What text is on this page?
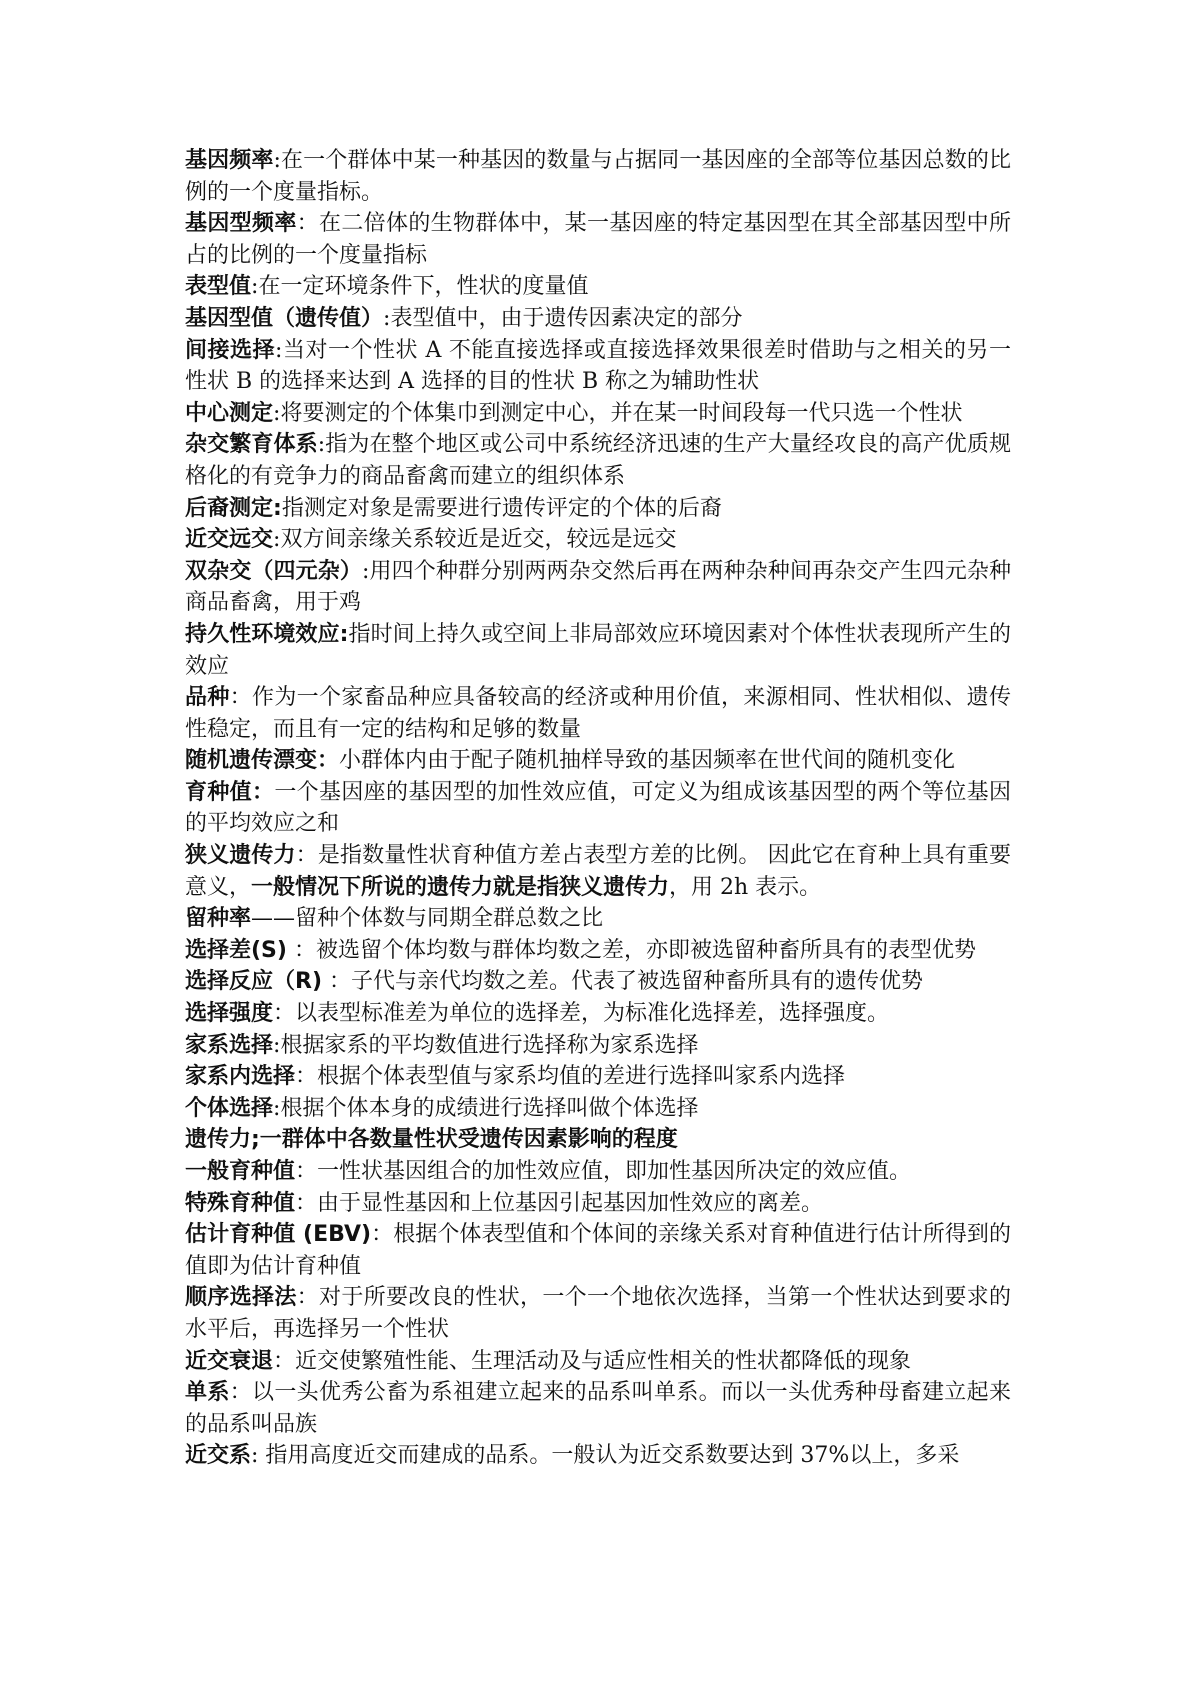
基因频率:在一个群体中某一种基因的数量与占据同一基因座的全部等位基因总数的比例的一个度量指标。

基因型频率：在二倍体的生物群体中，某一基因座的特定基因型在其全部基因型中所占的比例的一个度量指标

表型值:在一定环境条件下，性状的度量值

基因型值（遗传值）:表型值中，由于遗传因素决定的部分

间接选择:当对一个性状 A 不能直接选择或直接选择效果很差时借助与之相关的另一性状 B 的选择来达到 A 选择的目的性状 B 称之为辅助性状

中心测定:将要测定的个体集巾到测定中心，并在某一时间段每一代只选一个性状

杂交繁育体系:指为在整个地区或公司中系统经济迅速的生产大量经攻良的高产优质规格化的有竞争力的商品畜禽而建立的组织体系

后裔测定:指测定对象是需要进行遗传评定的个体的后裔

近交远交:双方间亲缘关系较近是近交，较远是远交

双杂交（四元杂）:用四个种群分别两两杂交然后再在两种杂种间再杂交产生四元杂种商品畜禽，用于鸡

持久性环境效应:指时间上持久或空间上非局部效应环境因素对个体性状表现所产生的效应

品种：作为一个家畜品种应具备较高的经济或种用价值，来源相同、性状相似、遗传性稳定，而且有一定的结构和足够的数量

随机遗传漂变：小群体内由于配子随机抽样导致的基因频率在世代间的随机变化

育种值：一个基因座的基因型的加性效应值，可定义为组成该基因型的两个等位基因的平均效应之和

狭义遗传力：是指数量性状育种值方差占表型方差的比例。 因此它在育种上具有重要意义，一般情况下所说的遗传力就是指狭义遗传力，用 2h 表示。

留种率——留种个体数与同期全群总数之比

选择差(S) ：被选留个体均数与群体均数之差，亦即被选留种畜所具有的表型优势

选择反应（R) ：子代与亲代均数之差。代表了被选留种畜所具有的遗传优势

选择强度：以表型标准差为单位的选择差，为标准化选择差，选择强度。

家系选择:根据家系的平均数值进行选择称为家系选择

家系内选择：根据个体表型值与家系均值的差进行选择叫家系内选择

个体选择:根据个体本身的成绩进行选择叫做个体选择

遗传力;一群体中各数量性状受遗传因素影响的程度

一般育种值：一性状基因组合的加性效应值，即加性基因所决定的效应值。

特殊育种值：由于显性基因和上位基因引起基因加性效应的离差。

估计育种值 (EBV)：根据个体表型值和个体间的亲缘关系对育种值进行估计所得到的值即为估计育种值

顺序选择法：对于所要改良的性状，一个一个地依次选择，当第一个性状达到要求的水平后，再选择另一个性状

近交衰退：近交使繁殖性能、生理活动及与适应性相关的性状都降低的现象

单系：以一头优秀公畜为系祖建立起来的品系叫单系。而以一头优秀种母畜建立起来的品系叫品族

近交系: 指用高度近交而建成的品系。一般认为近交系数要达到 37%以上，多采
